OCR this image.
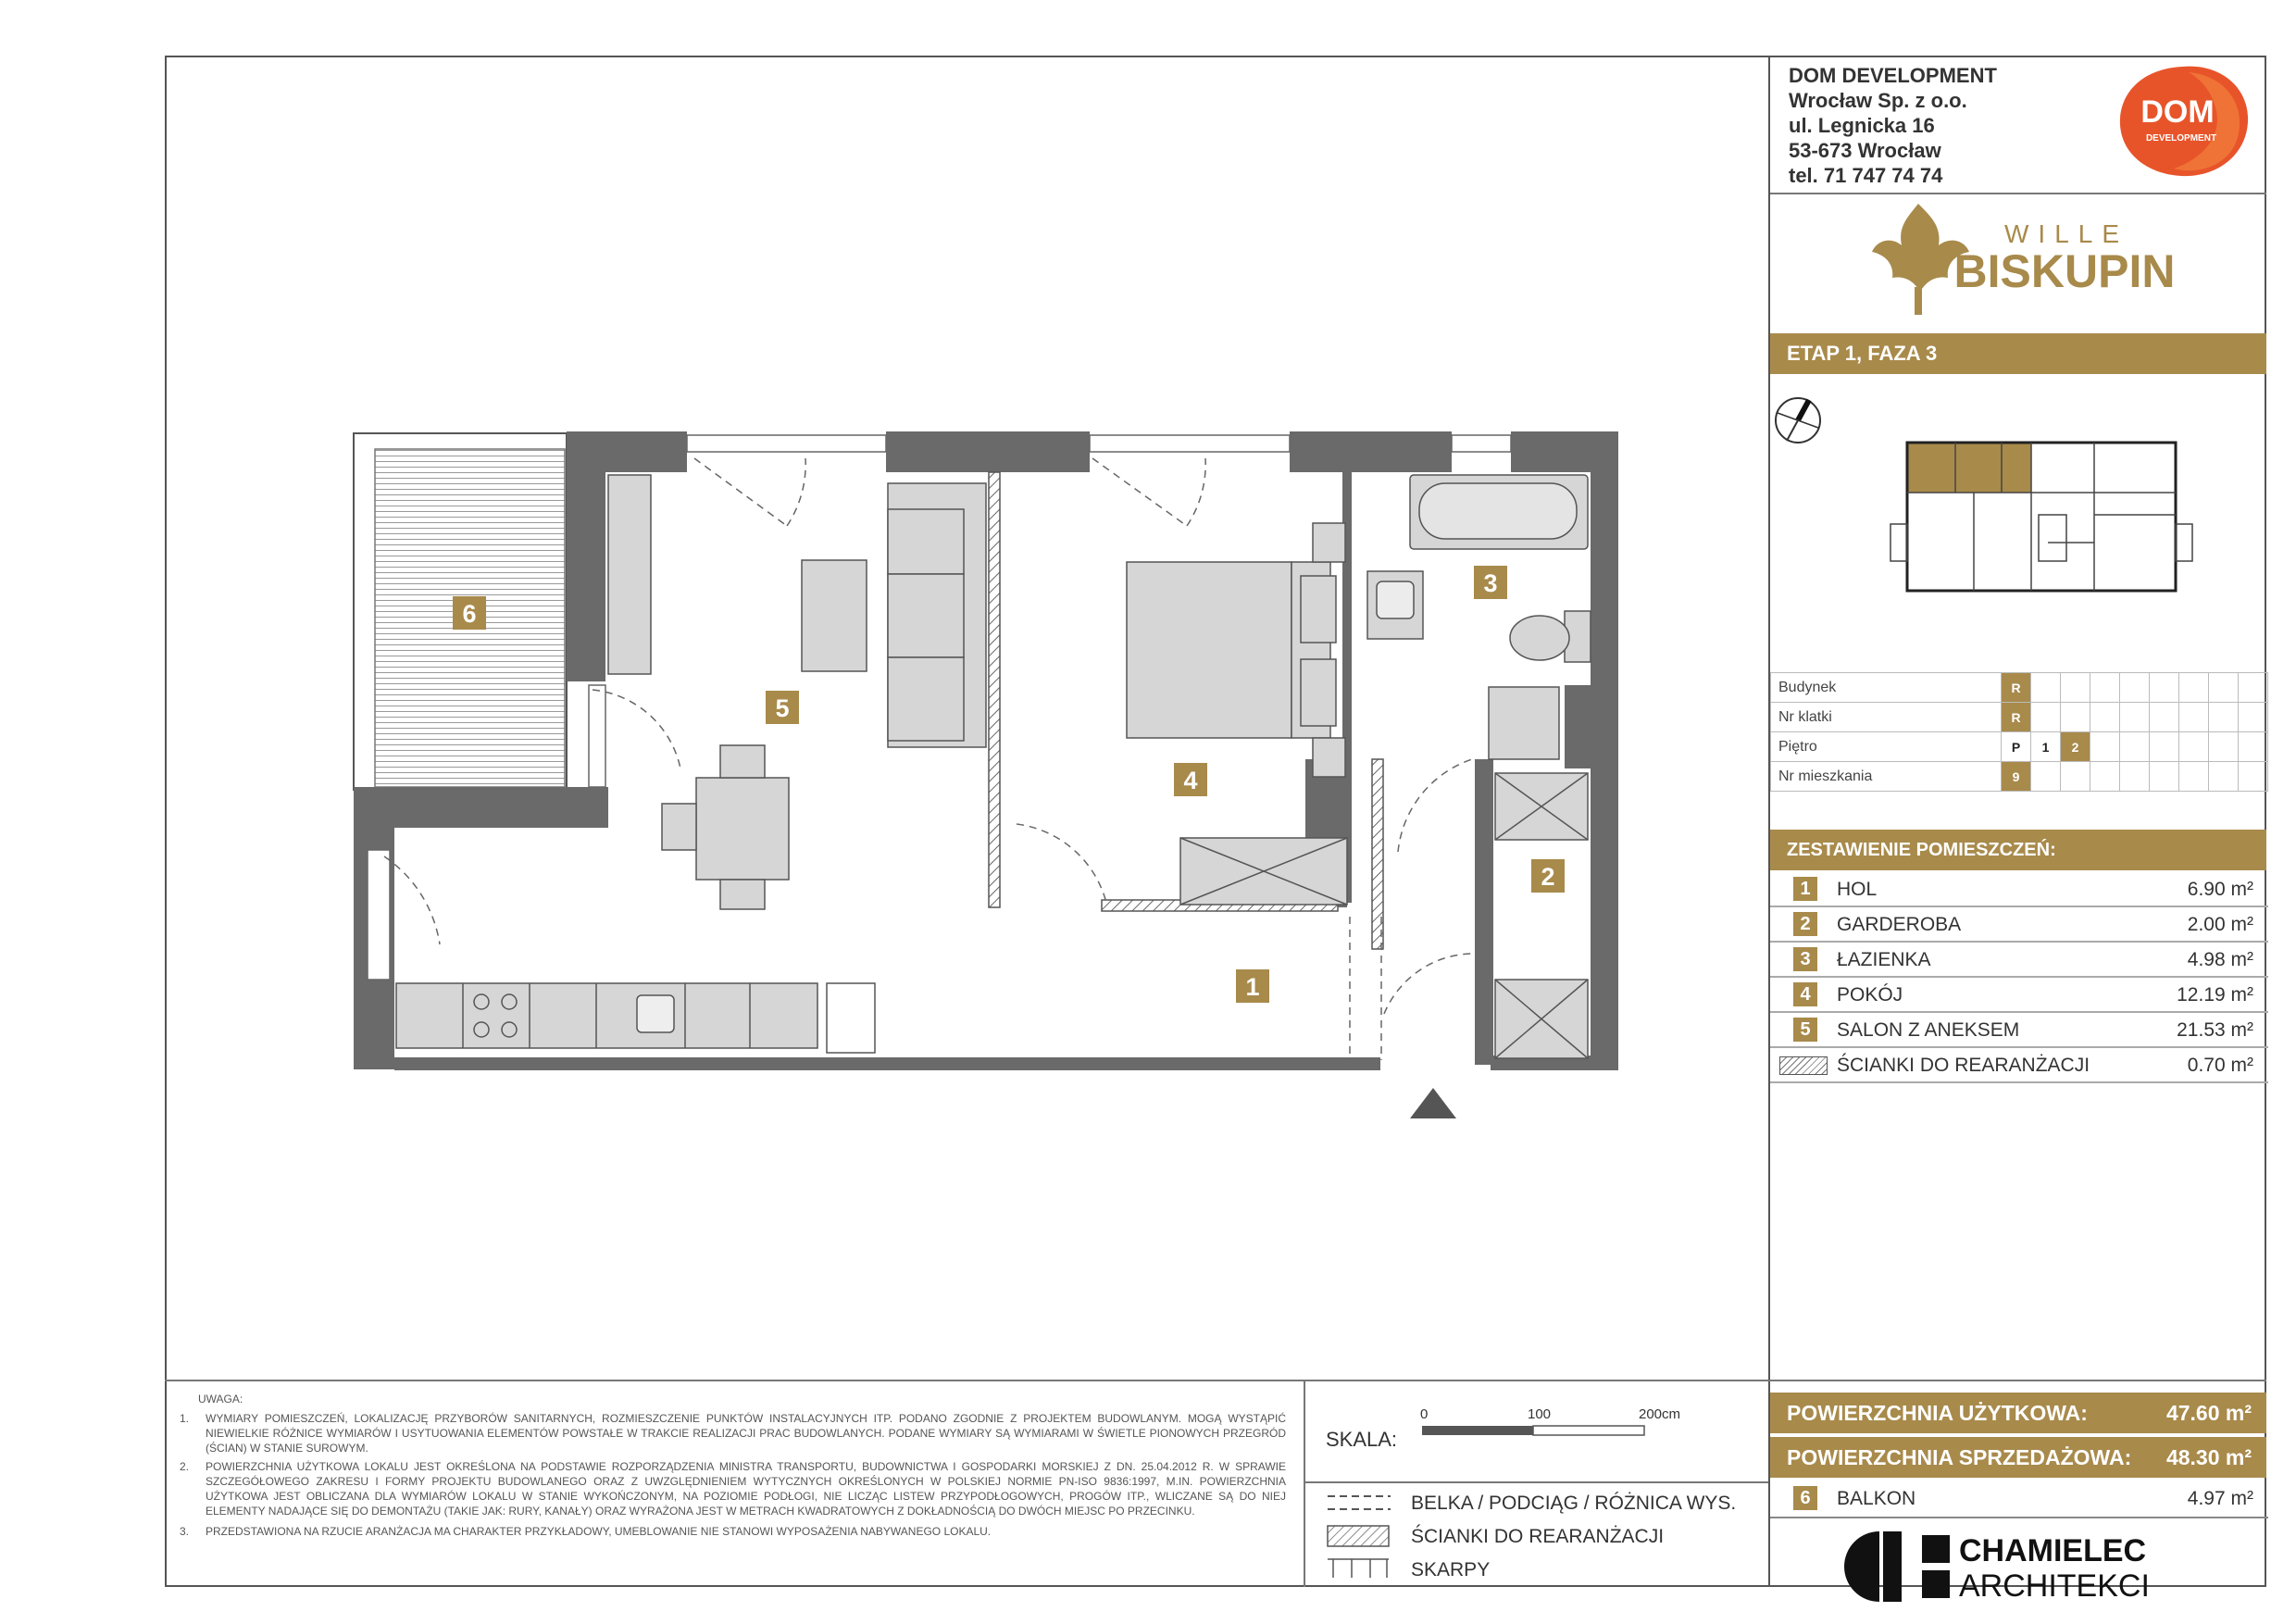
1
2
3
4
5
6
DOM DEVELOPMENT
Wrocław Sp. z o.o.
ul. Legnicka 16
53-673 Wrocław
tel. 71 747 74 74
DOM
DEVELOPMENT
WILLE
BISKUPIN
ETAP 1, FAZA 3
Budynek	R								
Nr klatki	R								
Piętro	P	1	2						
Nr mieszkania	9								
ZESTAWIENIE POMIESZCZEŃ:
1	HOL	6.90 m²
2	GARDEROBA	2.00 m²
3	ŁAZIENKA	4.98 m²
4	POKÓJ	12.19 m²
5	SALON Z ANEKSEM	21.53 m²
ŚCIANKI DO REARANŻACJI	0.70 m²
POWIERZCHNIA UŻYTKOWA:	47.60 m²
POWIERZCHNIA SPRZEDAŻOWA: 48.30 m²
6	BALKON	4.97 m²
CHAMIELEC
ARCHITEKCI
UWAGA:
1. WYMIARY POMIESZCZEŃ, LOKALIZACJĘ PRZYBORÓW SANITARNYCH, ROZMIESZCZENIE PUNKTÓW INSTALACYJNYCH ITP. PODANO ZGODNIE Z PROJEKTEM BUDOWLANYM. MOGĄ WYSTĄPIĆ NIEWIELKIE RÓŻNICE WYMIARÓW I USYTUOWANIA ELEMENTÓW POWSTAŁE W TRAKCIE REALIZACJI PRAC BUDOWLANYCH. PODANE WYMIARY SĄ WYMIARAMI W ŚWIETLE PIONOWYCH PRZEGRÓD (ŚCIAN) W STANIE SUROWYM.
2. POWIERZCHNIA UŻYTKOWA LOKALU JEST OKREŚLONA NA PODSTAWIE ROZPORZĄDZENIA MINISTRA TRANSPORTU, BUDOWNICTWA I GOSPODARKI MORSKIEJ Z DN. 25.04.2012 R. W SPRAWIE SZCZEGÓŁOWEGO ZAKRESU I FORMY PROJEKTU BUDOWLANEGO ORAZ Z UWZGLĘDNIENIEM WYTYCZNYCH OKREŚLONYCH W POLSKIEJ NORMIE PN-ISO 9836:1997, M.IN. POWIERZCHNIA UŻYTKOWA JEST OBLICZANA DLA WYMIARÓW LOKALU W STANIE WYKOŃCZONYM, NA POZIOMIE PODŁOGI, NIE LICZĄC LISTEW PRZYPODŁOGOWYCH, PROGÓW ITP., WLICZANE SĄ DO NIEJ ELEMENTY NADAJĄCE SIĘ DO DEMONTAŻU (TAKIE JAK: RURY, KANAŁY) ORAZ WYRAŻONA JEST W METRACH KWADRATOWYCH Z DOKŁADNOŚCIĄ DO DWÓCH MIEJSC PO PRZECINKU.
3. PRZEDSTAWIONA NA RZUCIE ARANŻACJA MA CHARAKTER PRZYKŁADOWY, UMEBLOWANIE NIE STANOWI WYPOSAŻENIA NABYWANEGO LOKALU.
SKALA:
0	100	200cm
BELKA / PODCIĄG / RÓŻNICA WYS.
ŚCIANKI DO REARANŻACJI
SKARPY
